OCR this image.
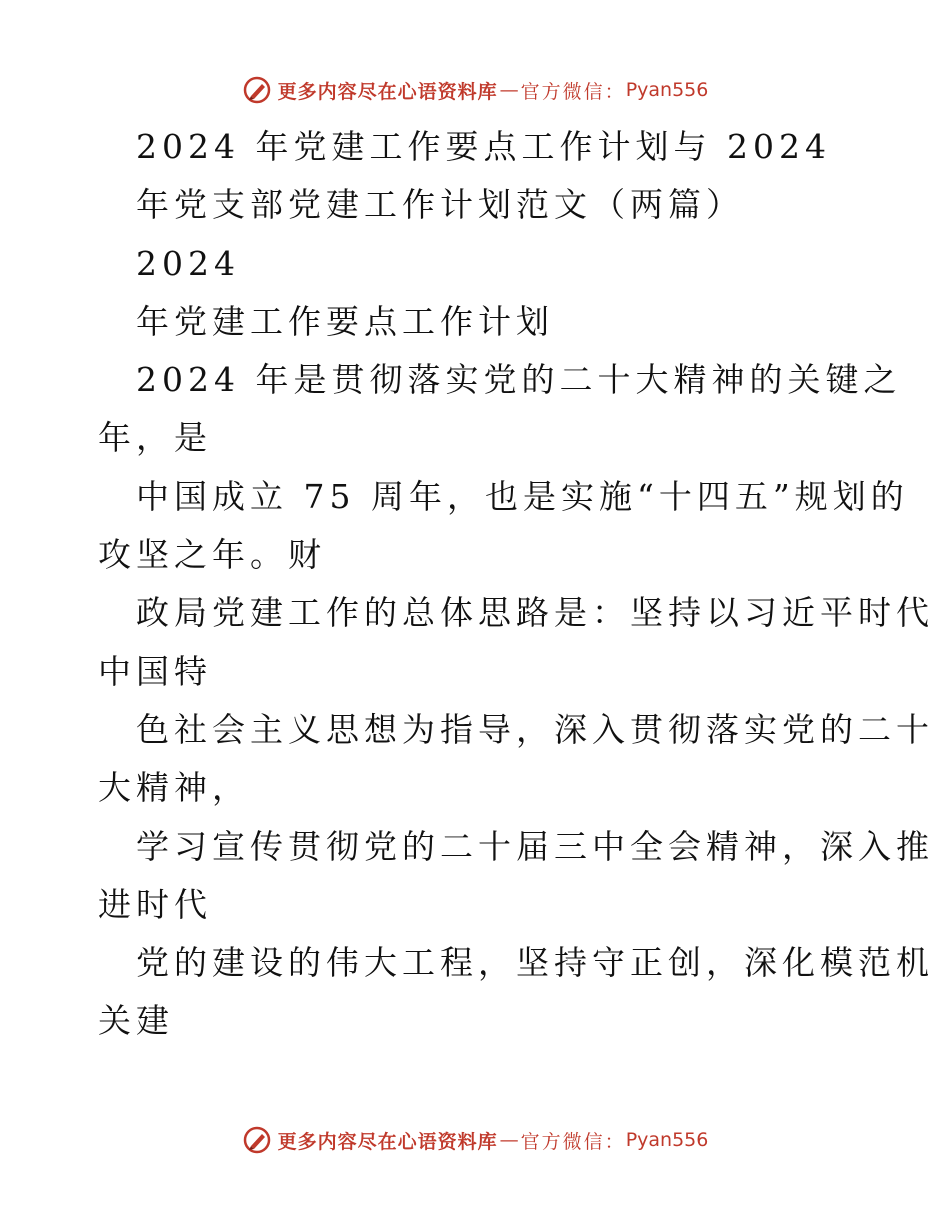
更多内容尽在心语资料库 — 官方微信： Pyan556
2024 年党建工作要点工作计划与 2024
年党支部党建工作计划范文（两篇）
2024
年党建工作要点工作计划
2024 年是贯彻落实党的二十大精神的关键之
年，是
中国成立 75 周年，也是实施“十四五”规划的
攻坚之年。财
政局党建工作的总体思路是：坚持以习近平时代
中国特
色社会主义思想为指导，深入贯彻落实党的二十
大精神，
学习宣传贯彻党的二十届三中全会精神，深入推
进时代
党的建设的伟大工程，坚持守正创，深化模范机
关建
更多内容尽在心语资料库 — 官方微信： Pyan556
